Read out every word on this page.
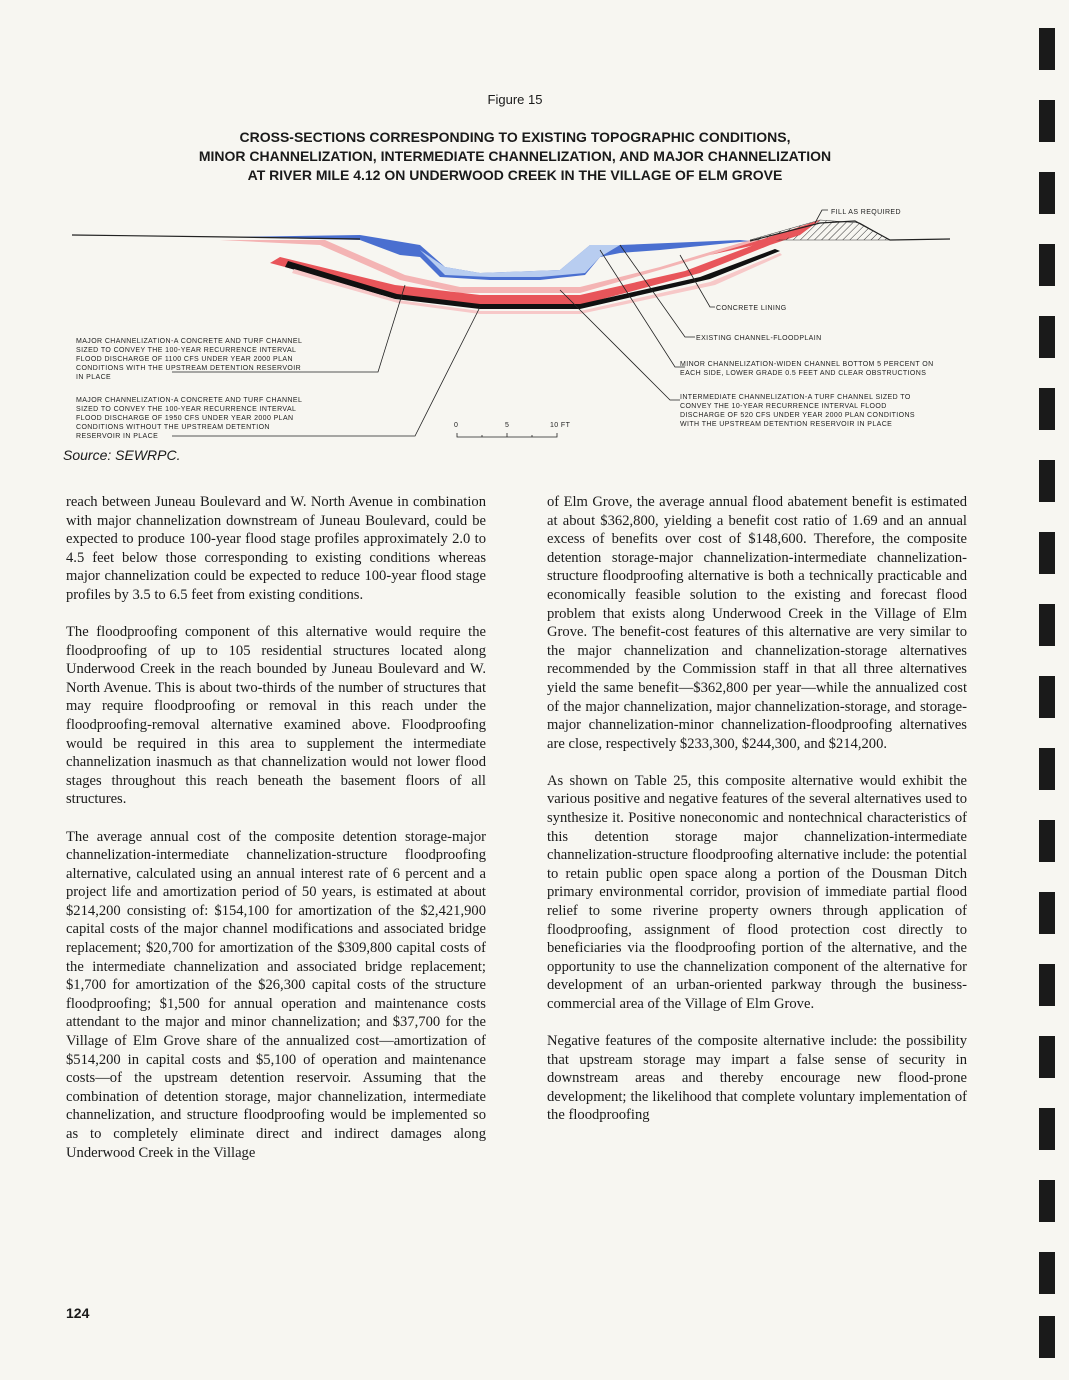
Figure 15
CROSS-SECTIONS CORRESPONDING TO EXISTING TOPOGRAPHIC CONDITIONS,
MINOR CHANNELIZATION, INTERMEDIATE CHANNELIZATION, AND MAJOR CHANNELIZATION
AT RIVER MILE 4.12 ON UNDERWOOD CREEK IN THE VILLAGE OF ELM GROVE
FILL AS REQUIRED
CONCRETE LINING
EXISTING CHANNEL-FLOODPLAIN
MINOR CHANNELIZATION-WIDEN CHANNEL BOTTOM 5 PERCENT ON
EACH SIDE, LOWER GRADE 0.5 FEET AND CLEAR OBSTRUCTIONS
INTERMEDIATE CHANNELIZATION-A TURF CHANNEL SIZED TO
CONVEY THE 10-YEAR RECURRENCE INTERVAL FLOOD
DISCHARGE OF 520 CFS UNDER YEAR 2000 PLAN CONDITIONS
WITH THE UPSTREAM DETENTION RESERVOIR IN PLACE
MAJOR CHANNELIZATION-A CONCRETE AND TURF CHANNEL
SIZED TO CONVEY THE 100-YEAR RECURRENCE INTERVAL
FLOOD DISCHARGE OF 1100 CFS UNDER YEAR 2000 PLAN
CONDITIONS WITH THE UPSTREAM DETENTION RESERVOIR
IN PLACE
MAJOR CHANNELIZATION-A CONCRETE AND TURF CHANNEL
SIZED TO CONVEY THE 100-YEAR RECURRENCE INTERVAL
FLOOD DISCHARGE OF 1950 CFS UNDER YEAR 2000 PLAN
CONDITIONS WITHOUT THE UPSTREAM DETENTION
RESERVOIR IN PLACE
0	5	10 FT
Source: SEWRPC.

reach between Juneau Boulevard and W. North Avenue in combination with major channelization downstream of Juneau Boulevard, could be expected to produce 100-year flood stage profiles approximately 2.0 to 4.5 feet below those corresponding to existing conditions whereas major channelization could be expected to reduce 100-year flood stage profiles by 3.5 to 6.5 feet from existing conditions.

The floodproofing component of this alternative would require the floodproofing of up to 105 residential structures located along Underwood Creek in the reach bounded by Juneau Boulevard and W. North Avenue. This is about two-thirds of the number of structures that may require floodproofing or removal in this reach under the floodproofing-removal alternative examined above. Floodproofing would be required in this area to supplement the intermediate channelization inasmuch as that channelization would not lower flood stages throughout this reach beneath the basement floors of all structures.

The average annual cost of the composite detention storage-major channelization-intermediate channelization-structure floodproofing alternative, calculated using an annual interest rate of 6 percent and a project life and amortization period of 50 years, is estimated at about $214,200 consisting of: $154,100 for amortization of the $2,421,900 capital costs of the major channel modifications and associated bridge replacement; $20,700 for amortization of the $309,800 capital costs of the intermediate channelization and associated bridge replacement; $1,700 for amortization of the $26,300 capital costs of the structure floodproofing; $1,500 for annual operation and maintenance costs attendant to the major and minor channelization; and $37,700 for the Village of Elm Grove share of the annualized cost—amortization of $514,200 in capital costs and $5,100 of operation and maintenance costs—of the upstream detention reservoir. Assuming that the combination of detention storage, major channelization, intermediate channelization, and structure floodproofing would be implemented so as to completely eliminate direct and indirect damages along Underwood Creek in the Village

of Elm Grove, the average annual flood abatement benefit is estimated at about $362,800, yielding a benefit cost ratio of 1.69 and an annual excess of benefits over cost of $148,600. Therefore, the composite detention storage-major channelization-intermediate channelization-structure floodproofing alternative is both a technically practicable and economically feasible solution to the existing and forecast flood problem that exists along Underwood Creek in the Village of Elm Grove. The benefit-cost features of this alternative are very similar to the major channelization and channelization-storage alternatives recommended by the Commission staff in that all three alternatives yield the same benefit—$362,800 per year—while the annualized cost of the major channelization, major channelization-storage, and storage-major channelization-minor channelization-floodproofing alternatives are close, respectively $233,300, $244,300, and $214,200.

As shown on Table 25, this composite alternative would exhibit the various positive and negative features of the several alternatives used to synthesize it. Positive noneconomic and nontechnical characteristics of this detention storage major channelization-intermediate channelization-structure floodproofing alternative include: the potential to retain public open space along a portion of the Dousman Ditch primary environmental corridor, provision of immediate partial flood relief to some riverine property owners through application of floodproofing, assignment of flood protection cost directly to beneficiaries via the floodproofing portion of the alternative, and the opportunity to use the channelization component of the alternative for development of an urban-oriented parkway through the business-commercial area of the Village of Elm Grove.

Negative features of the composite alternative include: the possibility that upstream storage may impart a false sense of security in downstream areas and thereby encourage new flood-prone development; the likelihood that complete voluntary implementation of the floodproofing

124
